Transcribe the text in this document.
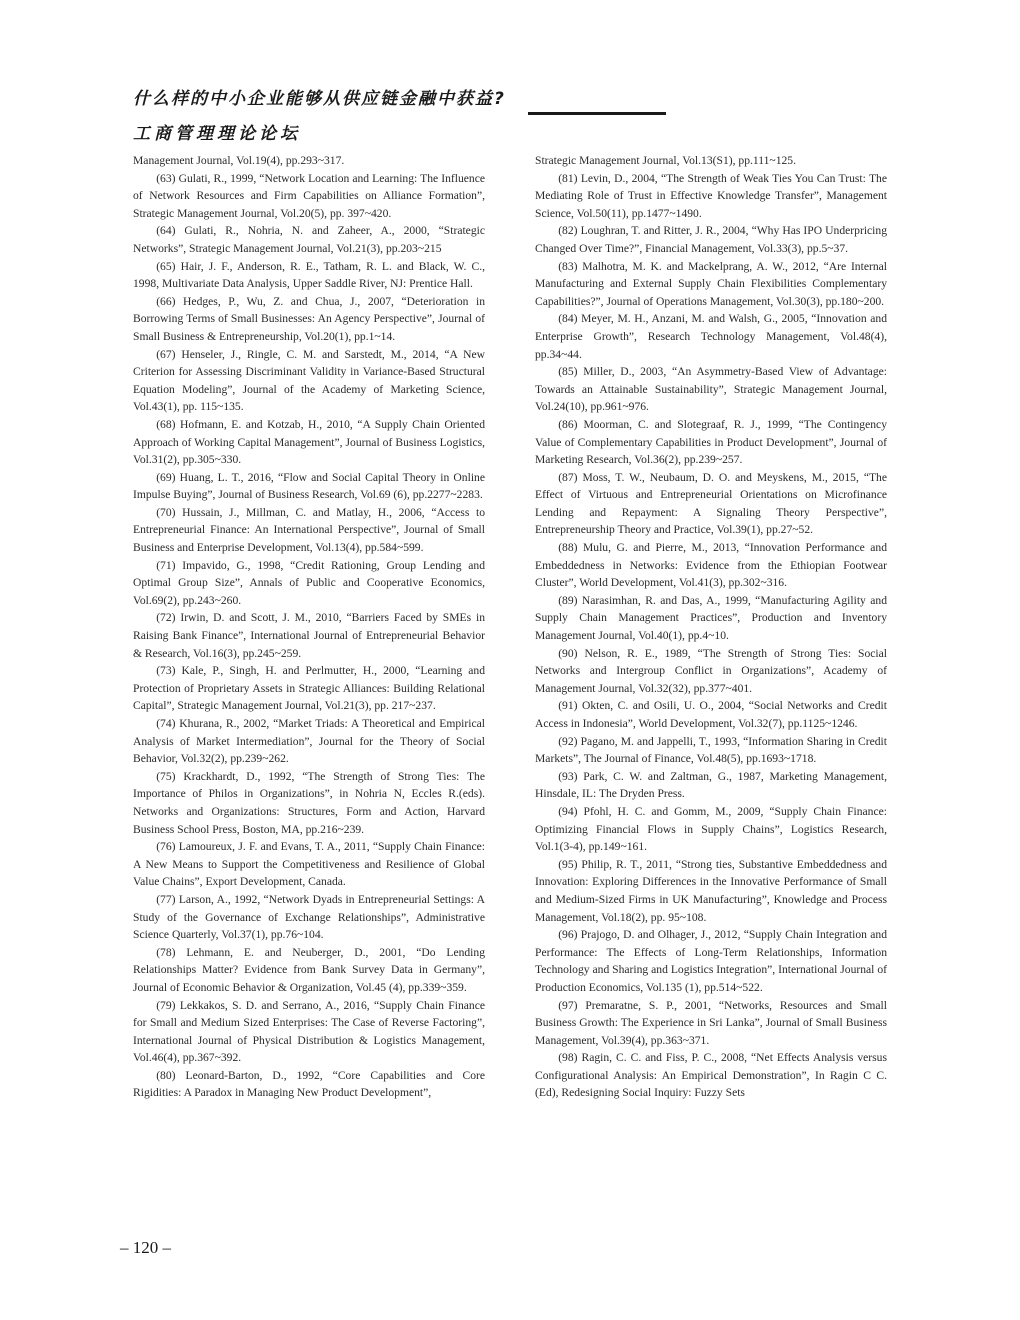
什么样的中小企业能够从供应链金融中获益?
工商管理理论论坛

Management Journal, Vol.19(4), pp.293~317.

(63) Gulati, R., 1999, “Network Location and Learning: The Influence of Network Resources and Firm Capabilities on Alliance Formation”, Strategic Management Journal, Vol.20(5), pp. 397~420.

(64) Gulati, R., Nohria, N. and Zaheer, A., 2000, “Strategic Networks”, Strategic Management Journal, Vol.21(3), pp.203~215

(65) Hair, J. F., Anderson, R. E., Tatham, R. L. and Black, W. C., 1998, Multivariate Data Analysis, Upper Saddle River, NJ: Prentice Hall.

(66) Hedges, P., Wu, Z. and Chua, J., 2007, “Deterioration in Borrowing Terms of Small Businesses: An Agency Perspective”, Journal of Small Business & Entrepreneurship, Vol.20(1), pp.1~14.

(67) Henseler, J., Ringle, C. M. and Sarstedt, M., 2014, “A New Criterion for Assessing Discriminant Validity in Variance-Based Structural Equation Modeling”, Journal of the Academy of Marketing Science, Vol.43(1), pp. 115~135.

(68) Hofmann, E. and Kotzab, H., 2010, “A Supply Chain Oriented Approach of Working Capital Management”, Journal of Business Logistics, Vol.31(2), pp.305~330.

(69) Huang, L. T., 2016, “Flow and Social Capital Theory in Online Impulse Buying”, Journal of Business Research, Vol.69 (6), pp.2277~2283.

(70) Hussain, J., Millman, C. and Matlay, H., 2006, “Access to Entrepreneurial Finance: An International Perspective”, Journal of Small Business and Enterprise Development, Vol.13(4), pp.584~599.

(71) Impavido, G., 1998, “Credit Rationing, Group Lending and Optimal Group Size”, Annals of Public and Cooperative Economics, Vol.69(2), pp.243~260.

(72) Irwin, D. and Scott, J. M., 2010, “Barriers Faced by SMEs in Raising Bank Finance”, International Journal of Entrepreneurial Behavior & Research, Vol.16(3), pp.245~259.

(73) Kale, P., Singh, H. and Perlmutter, H., 2000, “Learning and Protection of Proprietary Assets in Strategic Alliances: Building Relational Capital”, Strategic Management Journal, Vol.21(3), pp. 217~237.

(74) Khurana, R., 2002, “Market Triads: A Theoretical and Empirical Analysis of Market Intermediation”, Journal for the Theory of Social Behavior, Vol.32(2), pp.239~262.

(75) Krackhardt, D., 1992, “The Strength of Strong Ties: The Importance of Philos in Organizations”, in Nohria N, Eccles R.(eds). Networks and Organizations: Structures, Form and Action, Harvard Business School Press, Boston, MA, pp.216~239.

(76) Lamoureux, J. F. and Evans, T. A., 2011, “Supply Chain Finance: A New Means to Support the Competitiveness and Resilience of Global Value Chains”, Export Development, Canada.

(77) Larson, A., 1992, “Network Dyads in Entrepreneurial Settings: A Study of the Governance of Exchange Relationships”, Administrative Science Quarterly, Vol.37(1), pp.76~104.

(78) Lehmann, E. and Neuberger, D., 2001, “Do Lending Relationships Matter? Evidence from Bank Survey Data in Germany”, Journal of Economic Behavior & Organization, Vol.45 (4), pp.339~359.

(79) Lekkakos, S. D. and Serrano, A., 2016, “Supply Chain Finance for Small and Medium Sized Enterprises: The Case of Reverse Factoring”, International Journal of Physical Distribution & Logistics Management, Vol.46(4), pp.367~392.

(80) Leonard-Barton, D., 1992, “Core Capabilities and Core Rigidities: A Paradox in Managing New Product Development”,

Strategic Management Journal, Vol.13(S1), pp.111~125.

(81) Levin, D., 2004, “The Strength of Weak Ties You Can Trust: The Mediating Role of Trust in Effective Knowledge Transfer”, Management Science, Vol.50(11), pp.1477~1490.

(82) Loughran, T. and Ritter, J. R., 2004, “Why Has IPO Underpricing Changed Over Time?”, Financial Management, Vol.33(3), pp.5~37.

(83) Malhotra, M. K. and Mackelprang, A. W., 2012, “Are Internal Manufacturing and External Supply Chain Flexibilities Complementary Capabilities?”, Journal of Operations Management, Vol.30(3), pp.180~200.

(84) Meyer, M. H., Anzani, M. and Walsh, G., 2005, “Innovation and Enterprise Growth”, Research Technology Management, Vol.48(4), pp.34~44.

(85) Miller, D., 2003, “An Asymmetry-Based View of Advantage: Towards an Attainable Sustainability”, Strategic Management Journal, Vol.24(10), pp.961~976.

(86) Moorman, C. and Slotegraaf, R. J., 1999, “The Contingency Value of Complementary Capabilities in Product Development”, Journal of Marketing Research, Vol.36(2), pp.239~257.

(87) Moss, T. W., Neubaum, D. O. and Meyskens, M., 2015, “The Effect of Virtuous and Entrepreneurial Orientations on Microfinance Lending and Repayment: A Signaling Theory Perspective”, Entrepreneurship Theory and Practice, Vol.39(1), pp.27~52.

(88) Mulu, G. and Pierre, M., 2013, “Innovation Performance and Embeddedness in Networks: Evidence from the Ethiopian Footwear Cluster”, World Development, Vol.41(3), pp.302~316.

(89) Narasimhan, R. and Das, A., 1999, “Manufacturing Agility and Supply Chain Management Practices”, Production and Inventory Management Journal, Vol.40(1), pp.4~10.

(90) Nelson, R. E., 1989, “The Strength of Strong Ties: Social Networks and Intergroup Conflict in Organizations”, Academy of Management Journal, Vol.32(32), pp.377~401.

(91) Okten, C. and Osili, U. O., 2004, “Social Networks and Credit Access in Indonesia”, World Development, Vol.32(7), pp.1125~1246.

(92) Pagano, M. and Jappelli, T., 1993, “Information Sharing in Credit Markets”, The Journal of Finance, Vol.48(5), pp.1693~1718.

(93) Park, C. W. and Zaltman, G., 1987, Marketing Management, Hinsdale, IL: The Dryden Press.

(94) Pfohl, H. C. and Gomm, M., 2009, “Supply Chain Finance: Optimizing Financial Flows in Supply Chains”, Logistics Research, Vol.1(3-4), pp.149~161.

(95) Philip, R. T., 2011, “Strong ties, Substantive Embeddedness and Innovation: Exploring Differences in the Innovative Performance of Small and Medium-Sized Firms in UK Manufacturing”, Knowledge and Process Management, Vol.18(2), pp. 95~108.

(96) Prajogo, D. and Olhager, J., 2012, “Supply Chain Integration and Performance: The Effects of Long-Term Relationships, Information Technology and Sharing and Logistics Integration”, International Journal of Production Economics, Vol.135 (1), pp.514~522.

(97) Premaratne, S. P., 2001, “Networks, Resources and Small Business Growth: The Experience in Sri Lanka”, Journal of Small Business Management, Vol.39(4), pp.363~371.

(98) Ragin, C. C. and Fiss, P. C., 2008, “Net Effects Analysis versus Configurational Analysis: An Empirical Demonstration”, In Ragin C C.(Ed), Redesigning Social Inquiry: Fuzzy Sets

– 120 –
